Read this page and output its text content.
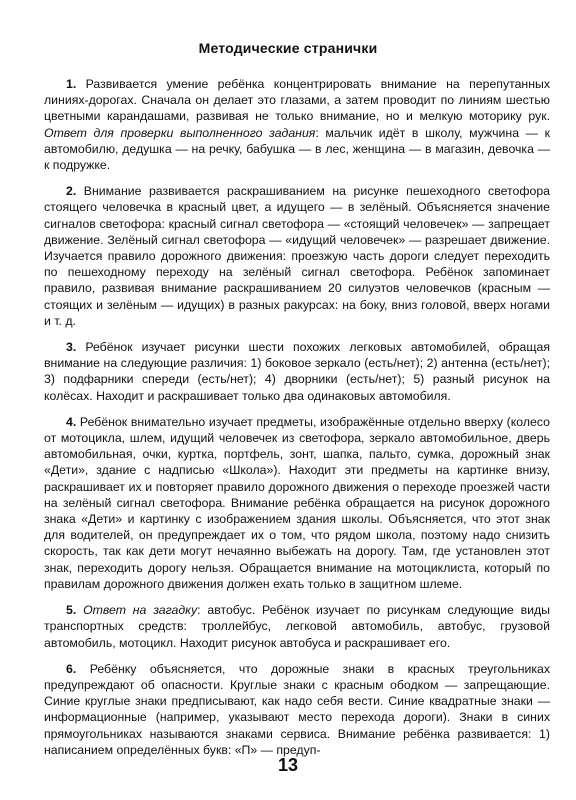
Методические странички

1. Развивается умение ребёнка концентрировать внимание на перепутанных линиях-дорогах. Сначала он делает это глазами, а затем проводит по линиям шестью цветными карандашами, развивая не только внимание, но и мелкую моторику рук. Ответ для проверки выполненного задания: мальчик идёт в школу, мужчина — к автомобилю, дедушка — на речку, бабушка — в лес, женщина — в магазин, девочка — к подружке.

2. Внимание развивается раскрашиванием на рисунке пешеходного светофора стоящего человечка в красный цвет, а идущего — в зелёный. Объясняется значение сигналов светофора: красный сигнал светофора — «стоящий человечек» — запрещает движение. Зелёный сигнал светофора — «идущий человечек» — разрешает движение. Изучается правило дорожного движения: проезжую часть дороги следует переходить по пешеходному переходу на зелёный сигнал светофора. Ребёнок запоминает правило, развивая внимание раскрашиванием 20 силуэтов человечков (красным — стоящих и зелёным — идущих) в разных ракурсах: на боку, вниз головой, вверх ногами и т. д.

3. Ребёнок изучает рисунки шести похожих легковых автомобилей, обращая внимание на следующие различия: 1) боковое зеркало (есть/нет); 2) антенна (есть/нет); 3) подфарники спереди (есть/нет); 4) дворники (есть/нет); 5) разный рисунок на колёсах. Находит и раскрашивает только два одинаковых автомобиля.

4. Ребёнок внимательно изучает предметы, изображённые отдельно вверху (колесо от мотоцикла, шлем, идущий человечек из светофора, зеркало автомобильное, дверь автомобильная, очки, куртка, портфель, зонт, шапка, пальто, сумка, дорожный знак «Дети», здание с надписью «Школа»). Находит эти предметы на картинке внизу, раскрашивает их и повторяет правило дорожного движения о переходе проезжей части на зелёный сигнал светофора. Внимание ребёнка обращается на рисунок дорожного знака «Дети» и картинку с изображением здания школы. Объясняется, что этот знак для водителей, он предупреждает их о том, что рядом школа, поэтому надо снизить скорость, так как дети могут нечаянно выбежать на дорогу. Там, где установлен этот знак, переходить дорогу нельзя. Обращается внимание на мотоциклиста, который по правилам дорожного движения должен ехать только в защитном шлеме.

5. Ответ на загадку: автобус. Ребёнок изучает по рисункам следующие виды транспортных средств: троллейбус, легковой автомобиль, автобус, грузовой автомобиль, мотоцикл. Находит рисунок автобуса и раскрашивает его.

6. Ребёнку объясняется, что дорожные знаки в красных треугольниках предупреждают об опасности. Круглые знаки с красным ободком — запрещающие. Синие круглые знаки предписывают, как надо себя вести. Синие квадратные знаки — информационные (например, указывают место перехода дороги). Знаки в синих прямоугольниках называются знаками сервиса. Внимание ребёнка развивается: 1) написанием определённых букв: «П» — предуп-

13
